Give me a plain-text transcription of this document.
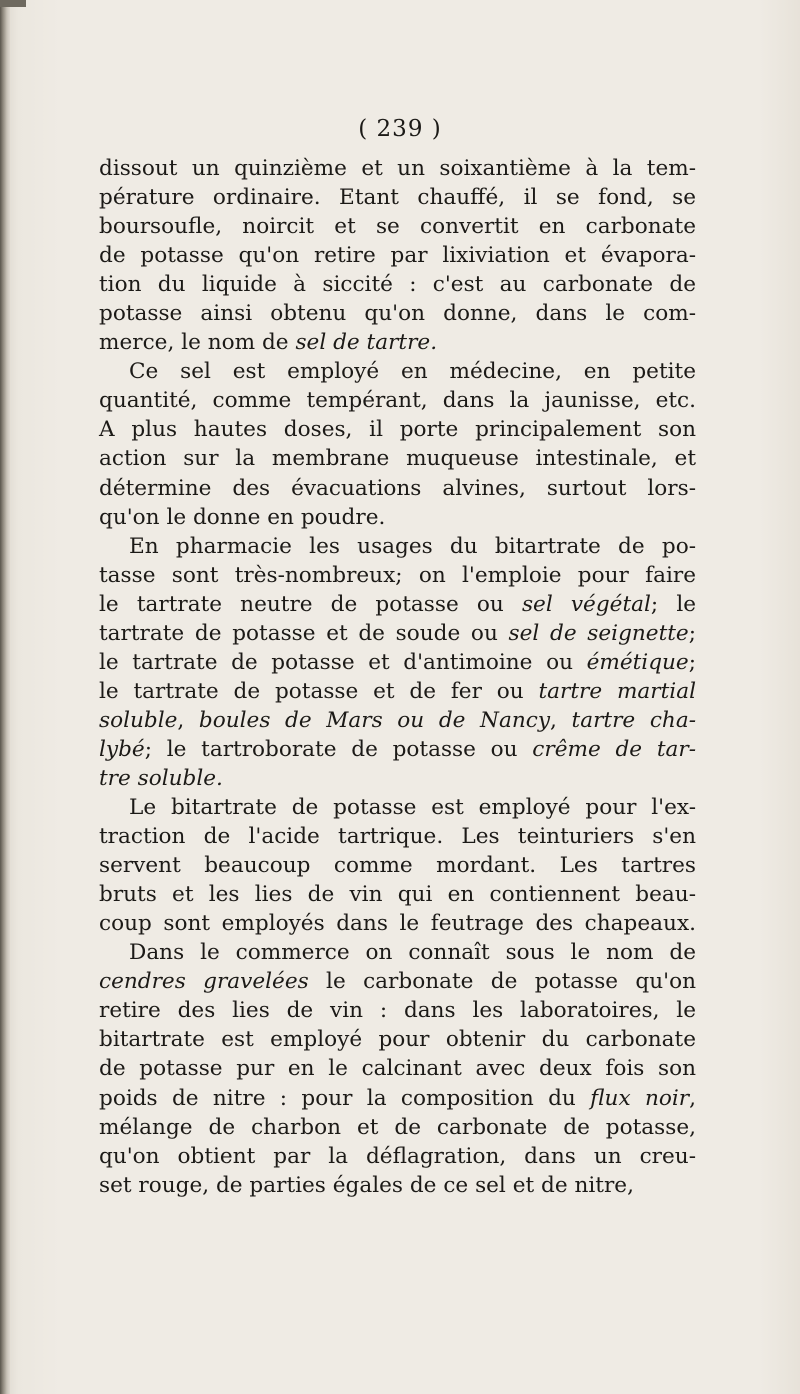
( 239 )
dissout un quinzième et un soixantième à la tem-
pérature ordinaire. Etant chauffé, il se fond, se
boursoufle, noircit et se convertit en carbonate
de potasse qu'on retire par lixiviation et évapora-
tion du liquide à siccité : c'est au carbonate de
potasse ainsi obtenu qu'on donne, dans le com-
merce, le nom de sel de tartre.
Ce sel est employé en médecine, en petite
quantité, comme tempérant, dans la jaunisse, etc.
A plus hautes doses, il porte principalement son
action sur la membrane muqueuse intestinale, et
détermine des évacuations alvines, surtout lors-
qu'on le donne en poudre.
En pharmacie les usages du bitartrate de po-
tasse sont très-nombreux; on l'emploie pour faire
le tartrate neutre de potasse ou sel végétal; le
tartrate de potasse et de soude ou sel de seignette;
le tartrate de potasse et d'antimoine ou émétique;
le tartrate de potasse et de fer ou tartre martial
soluble, boules de Mars ou de Nancy, tartre cha-
lybé; le tartroborate de potasse ou crême de tar-
tre soluble.
Le bitartrate de potasse est employé pour l'ex-
traction de l'acide tartrique. Les teinturiers s'en
servent beaucoup comme mordant. Les tartres
bruts et les lies de vin qui en contiennent beau-
coup sont employés dans le feutrage des chapeaux.
Dans le commerce on connaît sous le nom de
cendres gravelées le carbonate de potasse qu'on
retire des lies de vin : dans les laboratoires, le
bitartrate est employé pour obtenir du carbonate
de potasse pur en le calcinant avec deux fois son
poids de nitre : pour la composition du flux noir,
mélange de charbon et de carbonate de potasse,
qu'on obtient par la déflagration, dans un creu-
set rouge, de parties égales de ce sel et de nitre,
